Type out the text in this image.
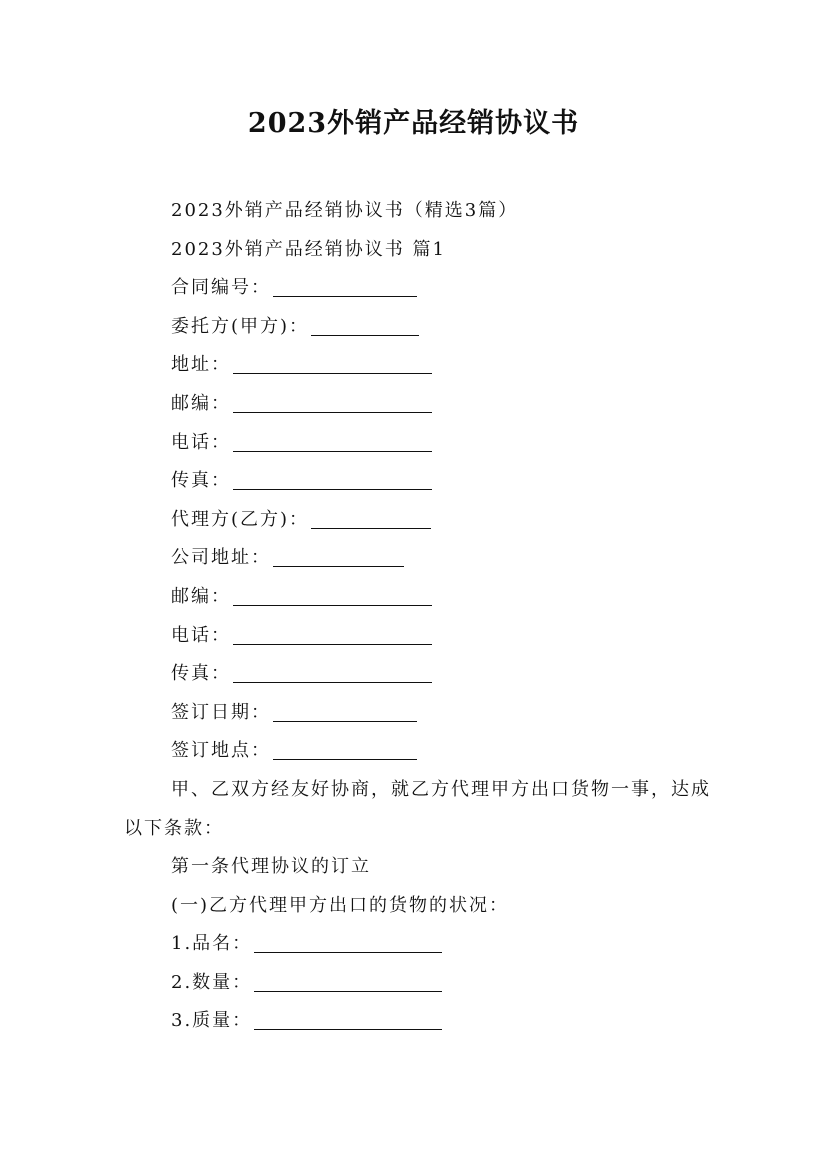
2023外销产品经销协议书
2023外销产品经销协议书（精选3篇）
2023外销产品经销协议书 篇1
合同编号：
委托方(甲方)：
地址：
邮编：
电话：
传真：
代理方(乙方)：
公司地址：
邮编：
电话：
传真：
签订日期：
签订地点：
甲、乙双方经友好协商，就乙方代理甲方出口货物一事，达成以下条款：
第一条代理协议的订立
(一)乙方代理甲方出口的货物的状况：
1.品名：
2.数量：
3.质量：
